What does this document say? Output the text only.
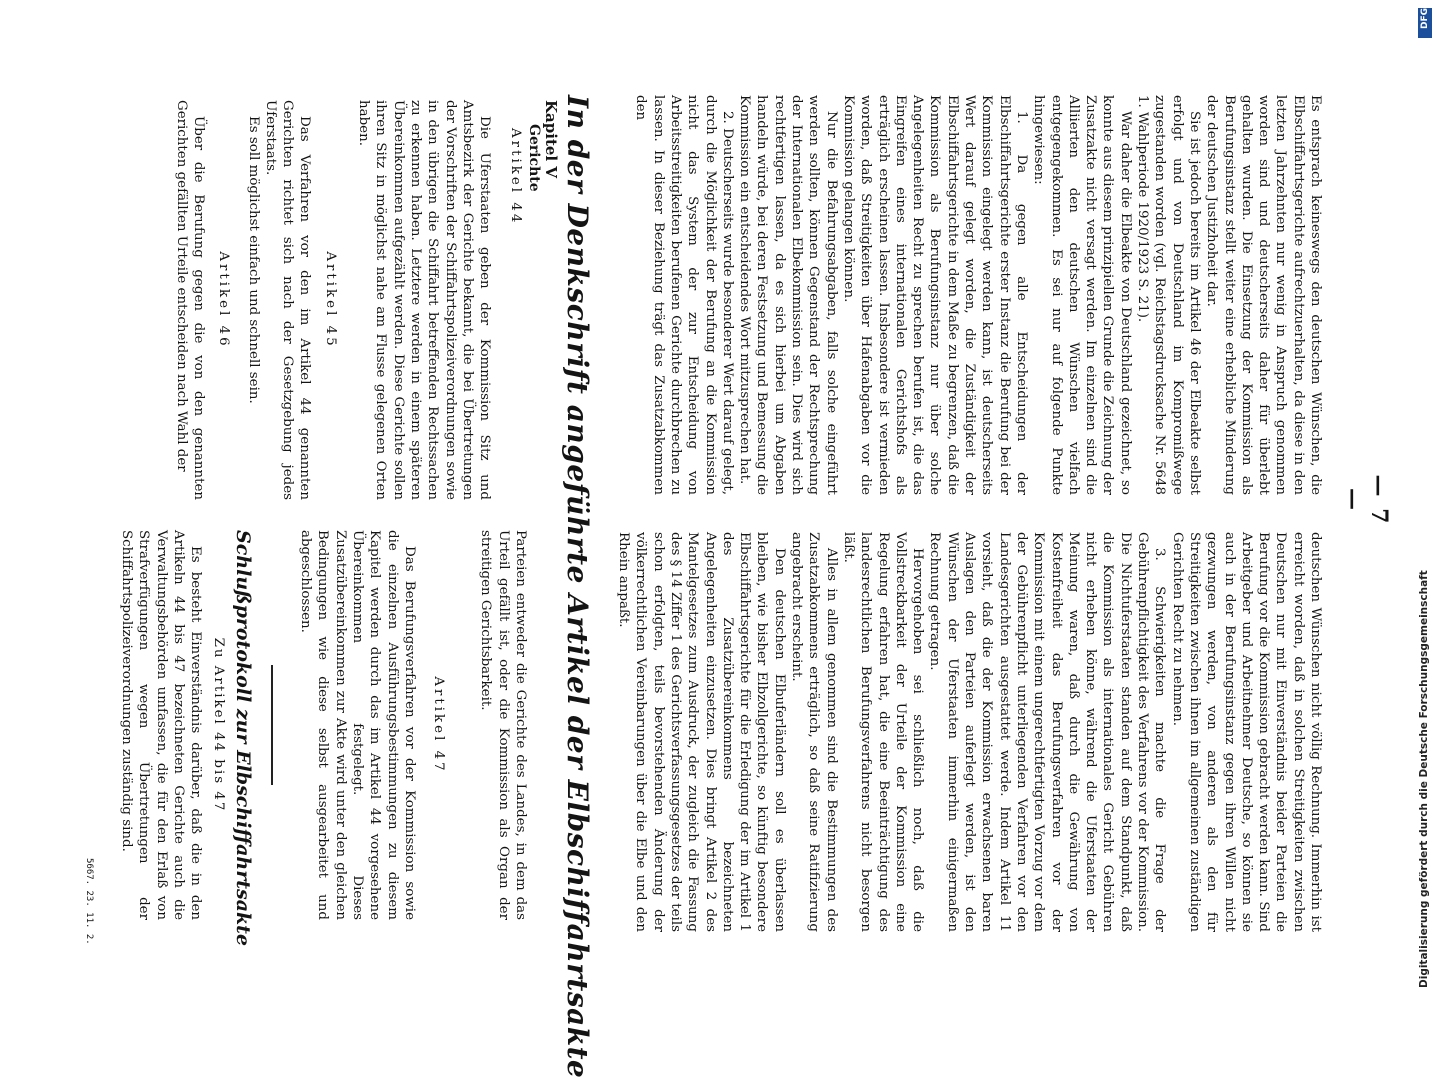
— 7 —

Es entsprach keineswegs den deutschen Wünschen, die Elbschiffahrtsgerichte aufrechtzuerhalten, da diese in den letzten Jahrzehnten nur wenig in Anspruch genommen worden sind und deutscherseits daher für überlebt gehalten wurden. Die Einsetzung der Kommission als Berufungsinstanz stellt weiter eine erhebliche Minderung der deutschen Justizhoheit dar.

Sie ist jedoch bereits im Artikel 46 der Elbeakte selbst erfolgt und von Deutschland im Kompromißwege zugestanden worden (vgl. Reichstagsdrucksache Nr. 5648 1. Wahlperiode 1920/1923 S. 21).

War daher die Elbeakte von Deutschland gezeichnet, so konnte aus diesem prinzipiellen Grunde die Zeichnung der Zusatzakte nicht versagt werden. Im einzelnen sind die Alliierten den deutschen Wünschen vielfach entgegengekommen. Es sei nur auf folgende Punkte hingewiesen:

1. Da gegen alle Entscheidungen der Elbschiffahrtsgerichte erster Instanz die Berufung bei der Kommission eingelegt werden kann, ist deutscherseits Wert darauf gelegt worden, die Zuständigkeit der Elbschiffahrtsgerichte in dem Maße zu begrenzen, daß die Kommission als Berufungsinstanz nur über solche Angelegenheiten Recht zu sprechen berufen ist, die das Eingreifen eines internationalen Gerichtshofs als erträglich erscheinen lassen. Insbesondere ist vermieden worden, daß Streitigkeiten über Hafenabgaben vor die Kommission gelangen können.

Nur die Befahrungsabgaben, falls solche eingeführt werden sollten, können Gegenstand der Rechtsprechung der Internationalen Elbekommission sein. Dies wird sich rechtfertigen lassen, da es sich hierbei um Abgaben handeln würde, bei deren Festsetzung und Bemessung die Kommission ein entscheidendes Wort mitzusprechen hat.

2. Deutscherseits wurde besonderer Wert darauf gelegt, durch die Möglichkeit der Berufung an die Kommission nicht das System der zur Entscheidung von Arbeitsstreitigkeiten berufenen Gerichte durchbrechen zu lassen. In dieser Beziehung trägt das Zusatzabkommen den

deutschen Wünschen nicht völlig Rechnung. Immerhin ist erreicht worden, daß in solchen Streitigkeiten zwischen Deutschen nur mit Einverständnis beider Parteien die Berufung vor die Kommission gebracht werden kann. Sind Arbeitgeber und Arbeitnehmer Deutsche, so können sie auch in der Berufungsinstanz gegen ihren Willen nicht gezwungen werden, von anderen als den für Streitigkeiten zwischen ihnen im allgemeinen zuständigen Gerichten Recht zu nehmen.

3. Schwierigkeiten machte die Frage der Gebührenpflichtigkeit des Verfahrens vor der Kommission. Die Nichtuferstaaten standen auf dem Standpunkt, daß die Kommission als internationales Gericht Gebühren nicht erheben könne, während die Uferstaaten der Meinung waren, daß durch die Gewährung von Kostenfreiheit das Berufungsverfahren vor der Kommission mit einem ungerechtfertigten Vorzug vor dem der Gebührenpflicht unterliegenden Verfahren vor den Landesgerichten ausgestattet werde. Indem Artikel 11 vorsieht, daß die der Kommission erwachsenen baren Auslagen den Parteien auferlegt werden, ist den Wünschen der Uferstaaten immerhin einigermaßen Rechnung getragen.

Hervorgehoben sei schließlich noch, daß die Vollstreckbarkeit der Urteile der Kommission eine Regelung erfahren hat, die eine Beeinträchtigung des landesrechtlichen Berufungsverfahrens nicht besorgen läßt.

Alles in allem genommen sind die Bestimmungen des Zusatzabkommens erträglich, so daß seine Ratifizierung angebracht erscheint.

Den deutschen Elbuferländern soll es überlassen bleiben, wie bisher Elbzollgerichte, so künftig besondere Elbschiffahrtsgerichte für die Erledigung der im Artikel 1 des Zusatzübereinkommens bezeichneten Angelegenheiten einzusetzen. Dies bringt Artikel 2 des Mantelgesetzes zum Ausdruck, der zugleich die Fassung des § 14 Ziffer 1 des Gerichtsverfassungsgesetzes der teils schon erfolgten, teils bevorstehenden Änderung der völkerrechtlichen Vereinbarungen über die Elbe und den Rhein anpaßt.

In der Denkschrift angeführte Artikel der Elbschiffahrtsakte
Kapitel V
Gerichte
Artikel 44

Die Uferstaaten geben der Kommission Sitz und Amtsbezirk der Gerichte bekannt, die bei Übertretungen der Vorschriften der Schiffahrtspolizeiverordnungen sowie in den übrigen die Schiffahrt betreffenden Rechtssachen zu erkennen haben. Letztere werden in einem späteren Übereinkommen aufgezählt werden. Diese Gerichte sollen ihren Sitz in möglichst nahe am Flusse gelegenen Orten haben.

Artikel 45

Das Verfahren vor den im Artikel 44 genannten Gerichten richtet sich nach der Gesetzgebung jedes Uferstaats.

Es soll möglichst einfach und schnell sein.

Artikel 46

Über die Berufung gegen die von den genannten Gerichten gefällten Urteile entscheiden nach Wahl der

Parteien entweder die Gerichte des Landes, in dem das Urteil gefällt ist, oder die Kommission als Organ der streitigen Gerichtsbarkeit.

Artikel 47

Das Berufungsverfahren vor der Kommission sowie die einzelnen Ausführungsbestimmungen zu diesem Kapitel werden durch das im Artikel 44 vorgesehene Übereinkommen festgelegt. Dieses Zusatzübereinkommen zur Akte wird unter den gleichen Bedingungen wie diese selbst ausgearbeitet und abgeschlossen.

Schlußprotokoll zur Elbschiffahrtsakte
Zu Artikel 44 bis 47

Es besteht Einverständnis darüber, daß die in den Artikeln 44 bis 47 bezeichneten Gerichte auch die Verwaltungsbehörden umfassen, die für den Erlaß von Strafverfügungen wegen Übertretungen der Schiffahrtspolizeiverordnungen zuständig sind.

5667. 23. 11. 2.
DFG
Digitalisierung gefördert durch die Deutsche Forschungsgemeinschaft
